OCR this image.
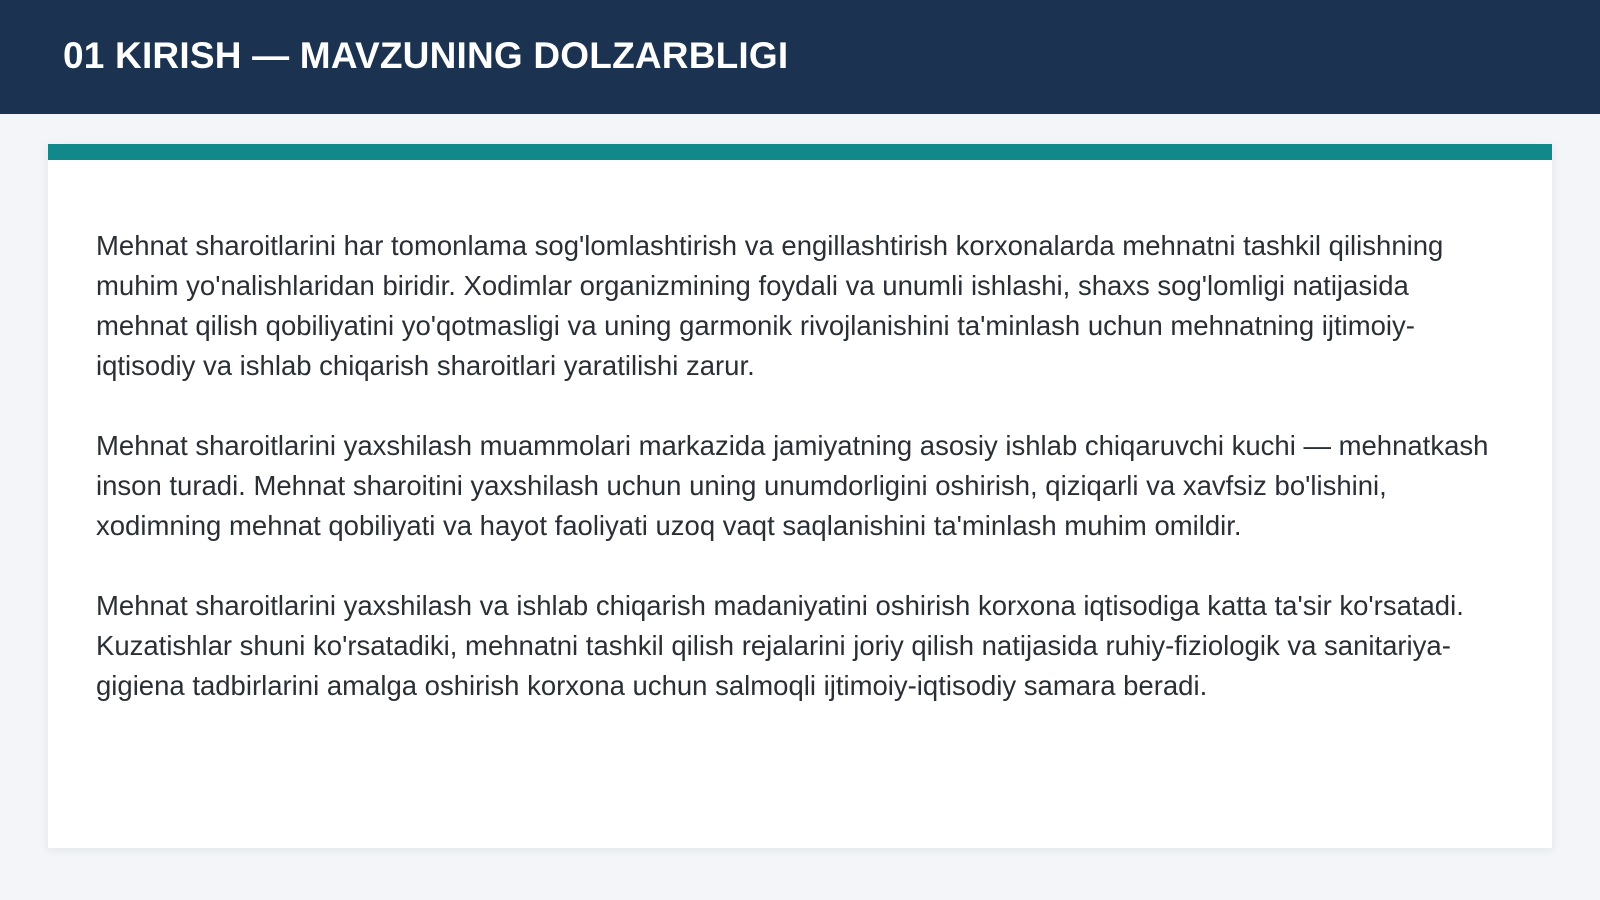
01 KIRISH — MAVZUNING DOLZARBLIGI

Mehnat sharoitlarini har tomonlama sog'lomlashtirish va engillashtirish korxonalarda mehnatni tashkil qilishning muhim yo'nalishlaridan biridir. Xodimlar organizmining foydali va unumli ishlashi, shaxs sog'lomligi natijasida mehnat qilish qobiliyatini yo'qotmasligi va uning garmonik rivojlanishini ta'minlash uchun mehnatning ijtimoiy-iqtisodiy va ishlab chiqarish sharoitlari yaratilishi zarur.

Mehnat sharoitlarini yaxshilash muammolari markazida jamiyatning asosiy ishlab chiqaruvchi kuchi — mehnatkash inson turadi. Mehnat sharoitini yaxshilash uchun uning unumdorligini oshirish, qiziqarli va xavfsiz bo'lishini, xodimning mehnat qobiliyati va hayot faoliyati uzoq vaqt saqlanishini ta'minlash muhim omildir.

Mehnat sharoitlarini yaxshilash va ishlab chiqarish madaniyatini oshirish korxona iqtisodiga katta ta'sir ko'rsatadi. Kuzatishlar shuni ko'rsatadiki, mehnatni tashkil qilish rejalarini joriy qilish natijasida ruhiy-fiziologik va sanitariya-gigiena tadbirlarini amalga oshirish korxona uchun salmoqli ijtimoiy-iqtisodiy samara beradi.
